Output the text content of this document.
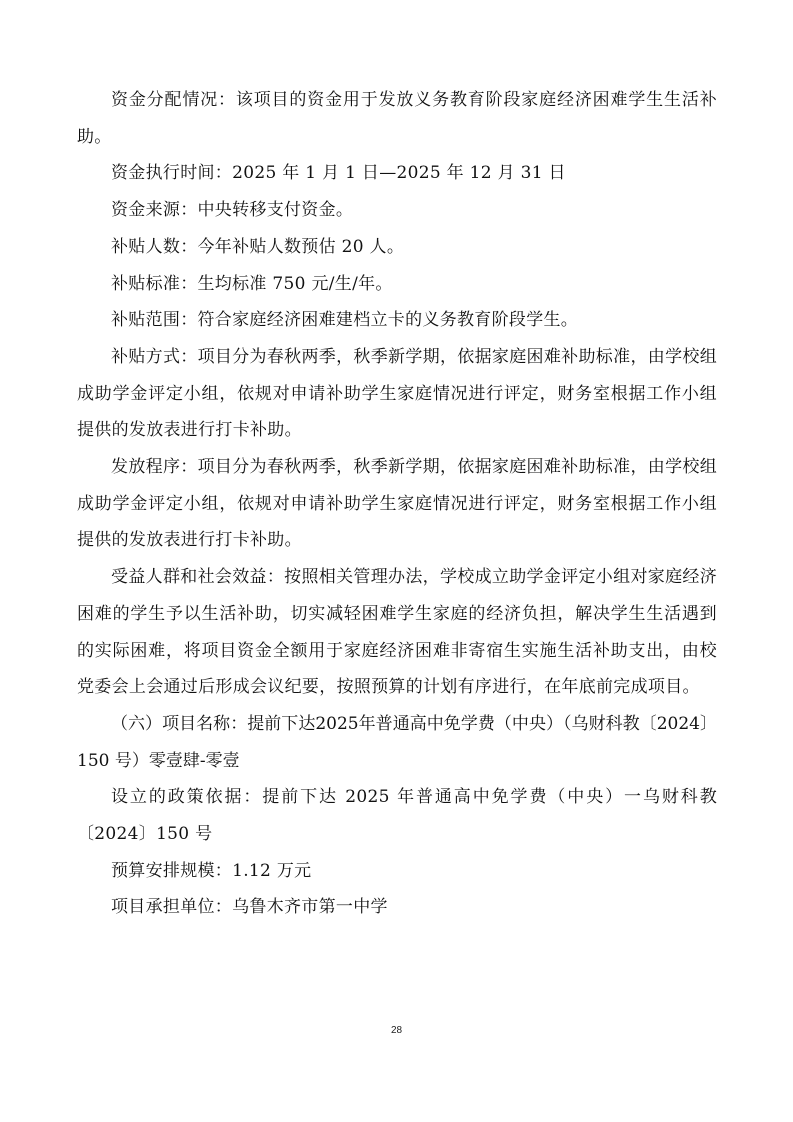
资金分配情况：该项目的资金用于发放义务教育阶段家庭经济困难学生生活补助。

资金执行时间：2025 年 1 月 1 日—2025 年 12 月 31 日

资金来源：中央转移支付资金。

补贴人数：今年补贴人数预估 20 人。

补贴标准：生均标准 750 元/生/年。

补贴范围：符合家庭经济困难建档立卡的义务教育阶段学生。

补贴方式：项目分为春秋两季，秋季新学期，依据家庭困难补助标准，由学校组成助学金评定小组，依规对申请补助学生家庭情况进行评定，财务室根据工作小组提供的发放表进行打卡补助。

发放程序：项目分为春秋两季，秋季新学期，依据家庭困难补助标准，由学校组成助学金评定小组，依规对申请补助学生家庭情况进行评定，财务室根据工作小组提供的发放表进行打卡补助。

受益人群和社会效益：按照相关管理办法，学校成立助学金评定小组对家庭经济困难的学生予以生活补助，切实减轻困难学生家庭的经济负担，解决学生生活遇到的实际困难，将项目资金全额用于家庭经济困难非寄宿生实施生活补助支出，由校党委会上会通过后形成会议纪要，按照预算的计划有序进行，在年底前完成项目。

（六）项目名称：提前下达2025年普通高中免学费（中央）（乌财科教〔2024〕150 号）零壹肆-零壹

设立的政策依据：提前下达 2025 年普通高中免学费（中央）一乌财科教〔2024〕150 号

预算安排规模：1.12 万元

项目承担单位：乌鲁木齐市第一中学

28
